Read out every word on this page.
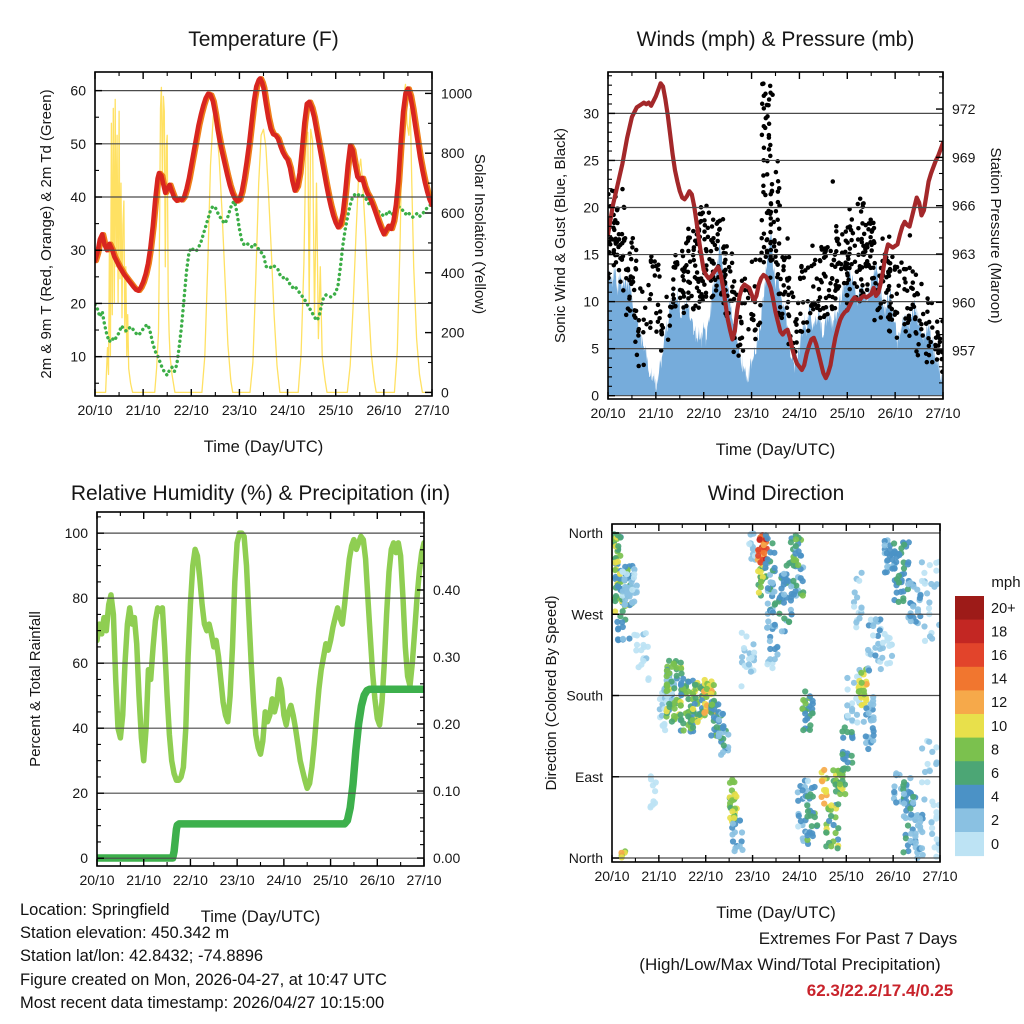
20/10 21/10 22/10 23/10 24/10 25/10 26/10 27/10
10
20
30
40
50
60
0
200
400
600
800
1000
Temperature (F)
Time (Day/UTC)
2m & 9m T (Red, Orange) & 2m Td (Green)	Solar Insolation (Yellow)
20/10 21/10 22/10 23/10 24/10 25/10 26/10 27/10
0
5
10
15
20
25
30
957
960
963
966
969
972
Winds (mph) & Pressure (mb)
Time (Day/UTC)
Sonic Wind & Gust (Blue, Black)	Station Pressure (Maroon)
20/10 21/10 22/10 23/10 24/10 25/10 26/10 27/10
0
20
40
60
80
100
0.00
0.10
0.20
0.30
0.40
Relative Humidity (%) & Precipitation (in)
Time (Day/UTC)
Percent & Total Rainfall
20/10 21/10 22/10 23/10 24/10 25/10 26/10 27/10
North
West
South
East
North
Wind Direction
Time (Day/UTC)
Direction (Colored By Speed)
mph
20+
18
16
14
12
10
8
6
4
2
0
Location: Springfield
Station elevation: 450.342 m
Station lat/lon: 42.8432; -74.8896
Figure created on Mon, 2026-04-27, at 10:47 UTC
Most recent data timestamp: 2026/04/27 10:15:00
Extremes For Past 7 Days
(High/Low/Max Wind/Total Precipitation)
62.3/22.2/17.4/0.25
